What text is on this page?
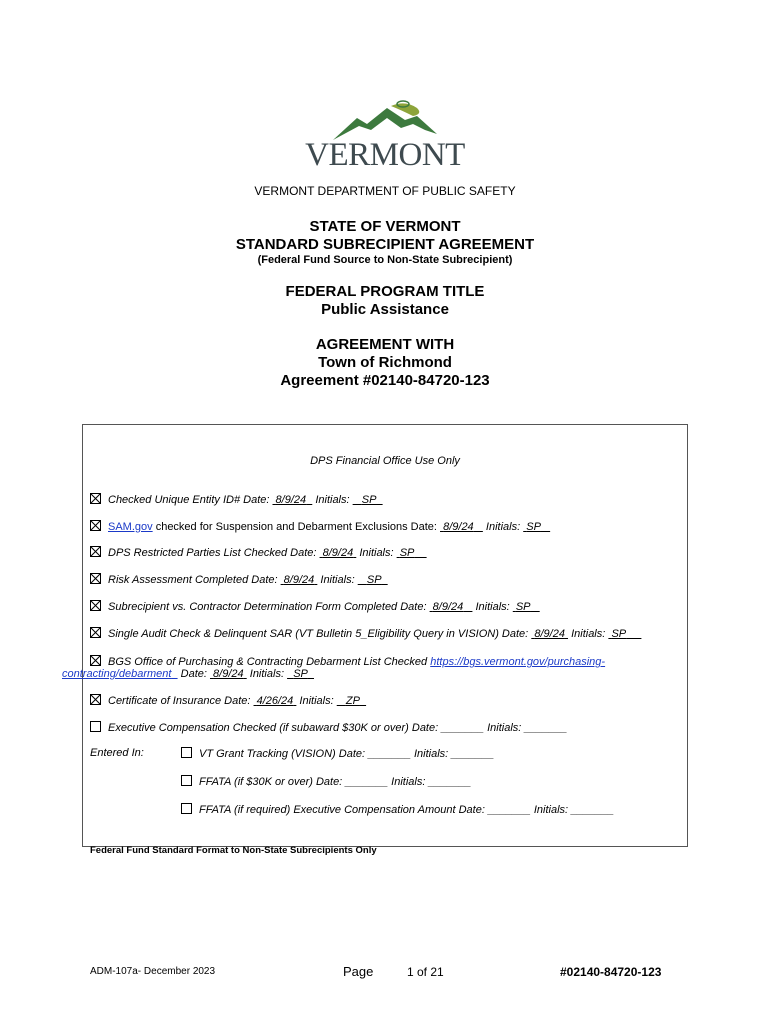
VERMONT
VERMONT DEPARTMENT OF PUBLIC SAFETY
STATE OF VERMONT
STANDARD SUBRECIPIENT AGREEMENT
(Federal Fund Source to Non-State Subrecipient)
FEDERAL PROGRAM TITLE
Public Assistance
AGREEMENT WITH
Town of Richmond
Agreement #02140-84720-123
DPS Financial Office Use Only
Checked Unique Entity ID# Date: 8/9/24   Initials:    SP
SAM.gov checked for Suspension and Debarment Exclusions Date: 8/9/24    Initials:  SP
DPS Restricted Parties List Checked Date: 8/9/24  Initials:  SP
Risk Assessment Completed Date: 8/9/24  Initials:    SP
Subrecipient vs. Contractor Determination Form Completed Date: 8/9/24    Initials:  SP
Single Audit Check & Delinquent SAR (VT Bulletin 5_Eligibility Query in VISION) Date: 8/9/24  Initials:  SP
BGS Office of Purchasing & Contracting Debarment List Checked https://bgs.vermont.gov/purchasing-
contracting/debarment   Date:  8/9/24  Initials:   SP
Certificate of Insurance Date: 4/26/24  Initials:    ZP
Executive Compensation Checked (if subaward $30K or over) Date: _______ Initials: _______
Entered In:	VT Grant Tracking (VISION) Date: _______ Initials: _______
FFATA (if $30K or over) Date: _______ Initials: _______
FFATA (if required) Executive Compensation Amount Date: _______ Initials: _______
Federal Fund Standard Format to Non-State Subrecipients Only
ADM-107a- December 2023	Page	1 of 21	#02140-84720-123
